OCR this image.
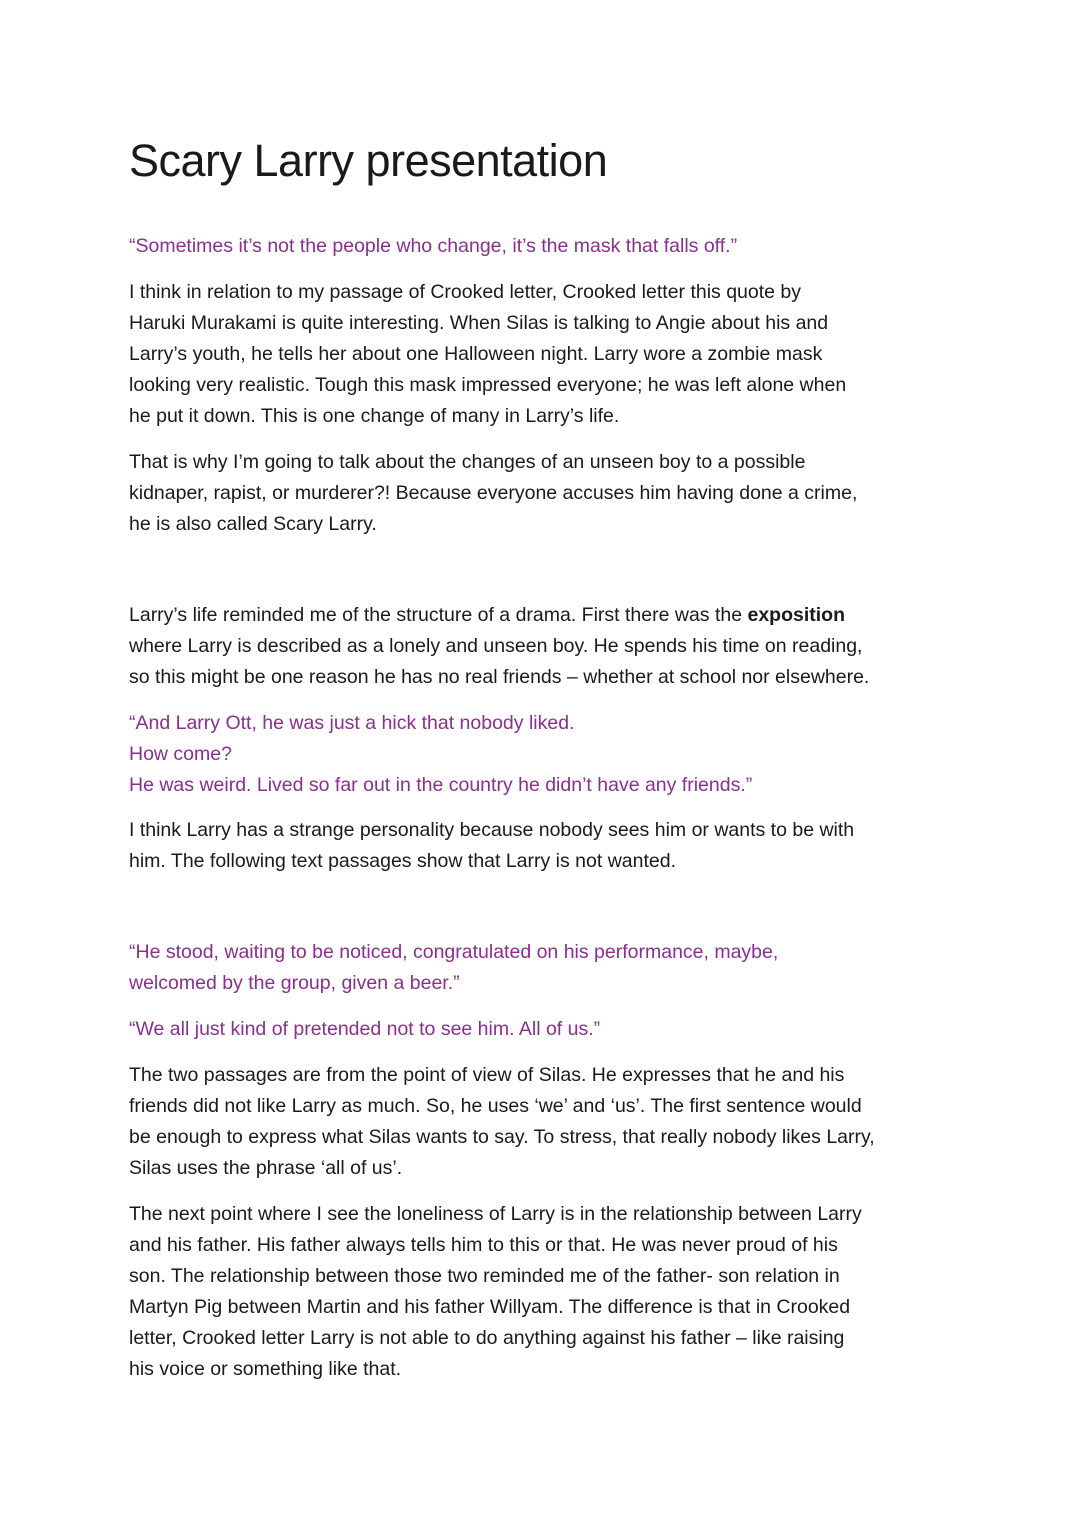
Scary Larry presentation

“Sometimes it’s not the people who change, it’s the mask that falls off.”

I think in relation to my passage of Crooked letter, Crooked letter this quote by
Haruki Murakami is quite interesting. When Silas is talking to Angie about his and
Larry’s youth, he tells her about one Halloween night. Larry wore a zombie mask
looking very realistic. Tough this mask impressed everyone; he was left alone when
he put it down. This is one change of many in Larry’s life.

That is why I’m going to talk about the changes of an unseen boy to a possible
kidnaper, rapist, or murderer?! Because everyone accuses him having done a crime,
he is also called Scary Larry.

Larry’s life reminded me of the structure of a drama. First there was the exposition
where Larry is described as a lonely and unseen boy. He spends his time on reading,
so this might be one reason he has no real friends – whether at school nor elsewhere.

“And Larry Ott, he was just a hick that nobody liked.
How come?
He was weird. Lived so far out in the country he didn’t have any friends.”

I think Larry has a strange personality because nobody sees him or wants to be with
him. The following text passages show that Larry is not wanted.

“He stood, waiting to be noticed, congratulated on his performance, maybe,
welcomed by the group, given a beer.”

“We all just kind of pretended not to see him. All of us.”

The two passages are from the point of view of Silas. He expresses that he and his
friends did not like Larry as much. So, he uses ‘we’ and ‘us’. The first sentence would
be enough to express what Silas wants to say. To stress, that really nobody likes Larry,
Silas uses the phrase ‘all of us’.

The next point where I see the loneliness of Larry is in the relationship between Larry
and his father. His father always tells him to this or that. He was never proud of his
son. The relationship between those two reminded me of the father- son relation in
Martyn Pig between Martin and his father Willyam. The difference is that in Crooked
letter, Crooked letter Larry is not able to do anything against his father – like raising
his voice or something like that.
